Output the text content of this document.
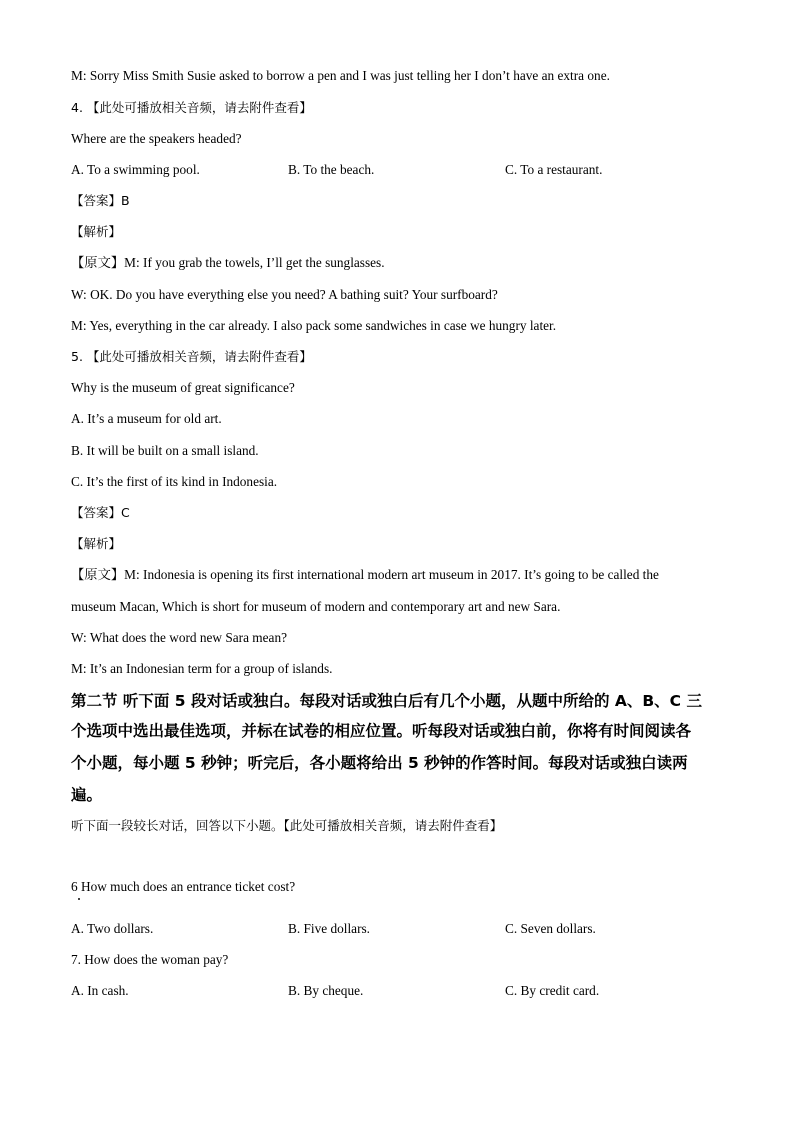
M: Sorry Miss Smith Susie asked to borrow a pen and I was just telling her I don’t have an extra one.
4. 【此处可播放相关音频，请去附件查看】
Where are the speakers headed?
A. To a swimming pool.	B. To the beach.	C. To a restaurant.
【答案】B
【解析】
【原文】M: If you grab the towels, I’ll get the sunglasses.
W: OK. Do you have everything else you need? A bathing suit? Your surfboard?
M: Yes, everything in the car already. I also pack some sandwiches in case we hungry later.
5. 【此处可播放相关音频，请去附件查看】
Why is the museum of great significance?
A. It’s a museum for old art.
B. It will be built on a small island.
C. It’s the first of its kind in Indonesia.
【答案】C
【解析】
【原文】M: Indonesia is opening its first international modern art museum in 2017. It’s going to be called the
museum Macan, Which is short for museum of modern and contemporary art and new Sara.
W: What does the word new Sara mean?
M: It’s an Indonesian term for a group of islands.
第二节 听下面 5 段对话或独白。每段对话或独白后有几个小题，从题中所给的 A、B、C 三
个选项中选出最佳选项，并标在试卷的相应位置。听每段对话或独白前，你将有时间阅读各
个小题，每小题 5 秒钟；听完后，各小题将给出 5 秒钟的作答时间。每段对话或独白读两
遍。
听下面一段较长对话，回答以下小题。【此处可播放相关音频，请去附件查看】
6 How much does an entrance ticket cost?
A. Two dollars.	B. Five dollars.	C. Seven dollars.
7. How does the woman pay?
A. In cash.	B. By cheque.	C. By credit card.
